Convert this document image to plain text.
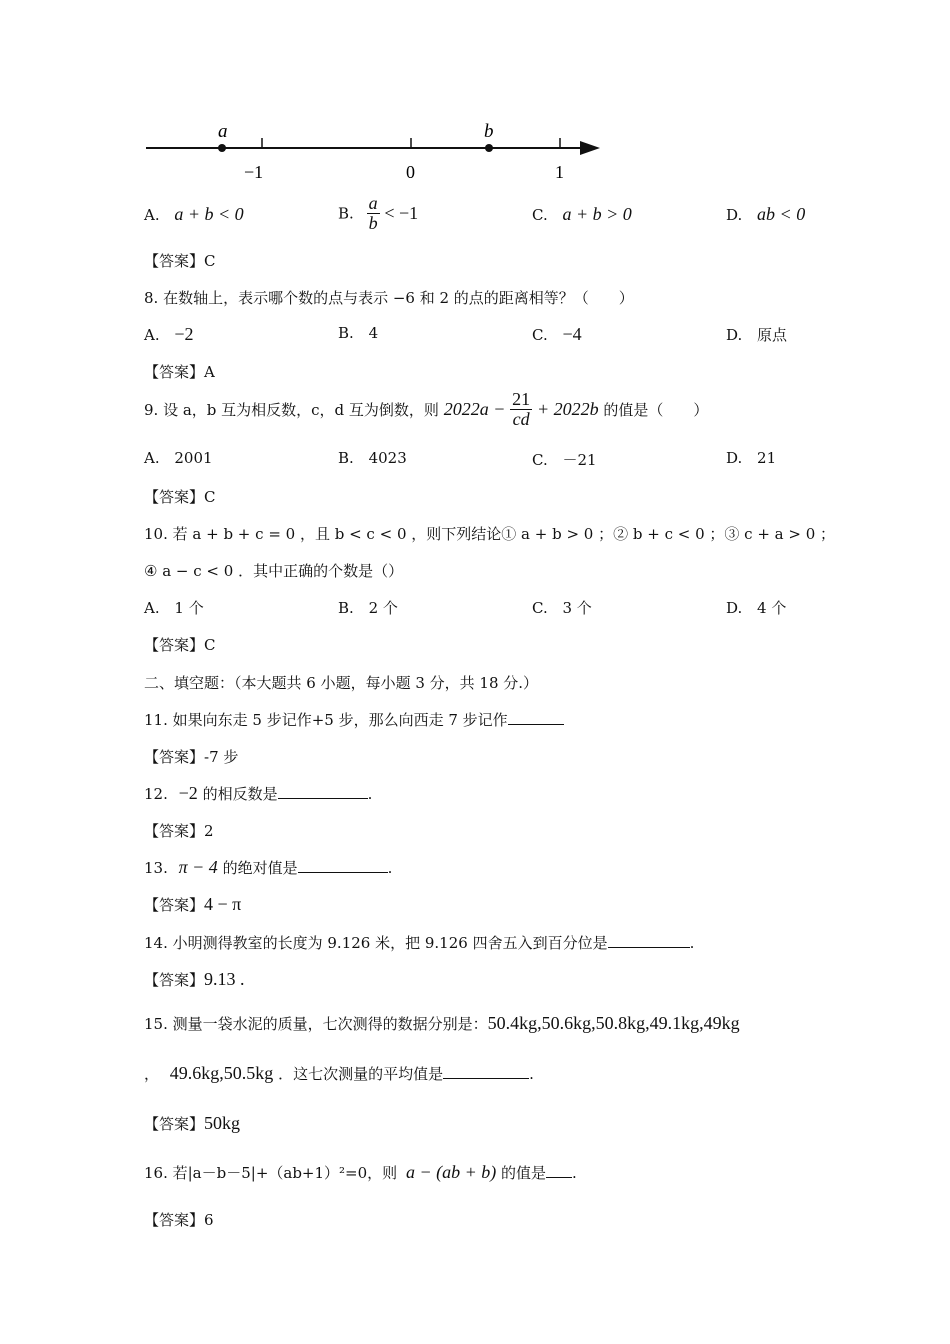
a	b
−1	0	1
A. a + b < 0	B. $\frac{a}{b} < -1$	C. a + b > 0	D. ab < 0
【答案】C
8. 在数轴上，表示哪个数的点与表示 −6 和 2 的点的距离相等？（　　）
A. −2	B. 4	C. −4	D. 原点
【答案】A
9. 设 a，b 互为相反数，c，d 互为倒数，则 $2022a - \frac{21}{cd} + 2022b$ 的值是（　　）
A. 2001	B. 4023	C. －21	D. 21
【答案】C
10. 若 a + b + c = 0 ，且 b < c < 0 ，则下列结论① a + b > 0 ；② b + c < 0 ；③ c + a > 0 ；
④ a − c < 0 ．其中正确的个数是（）
A. 1 个	B. 2 个	C. 3 个	D. 4 个
【答案】C
二、填空题：（本大题共 6 小题，每小题 3 分，共 18 分.）
11. 如果向东走 5 步记作+5 步，那么向西走 7 步记作
【答案】-7 步
12. −2 的相反数是	.
【答案】2
13. π − 4 的绝对值是	.
【答案】4 − π
14. 小明测得教室的长度为 9.126 米，把 9.126 四舍五入到百分位是	.
【答案】9.13 .
15. 测量一袋水泥的质量，七次测得的数据分别是：50.4kg,50.6kg,50.8kg,49.1kg,49kg
， 49.6kg,50.5kg ．这七次测量的平均值是	.
【答案】50kg
16. 若|a－b－5|+（ab+1）²=0，则 a − (ab + b) 的值是 .
【答案】6
